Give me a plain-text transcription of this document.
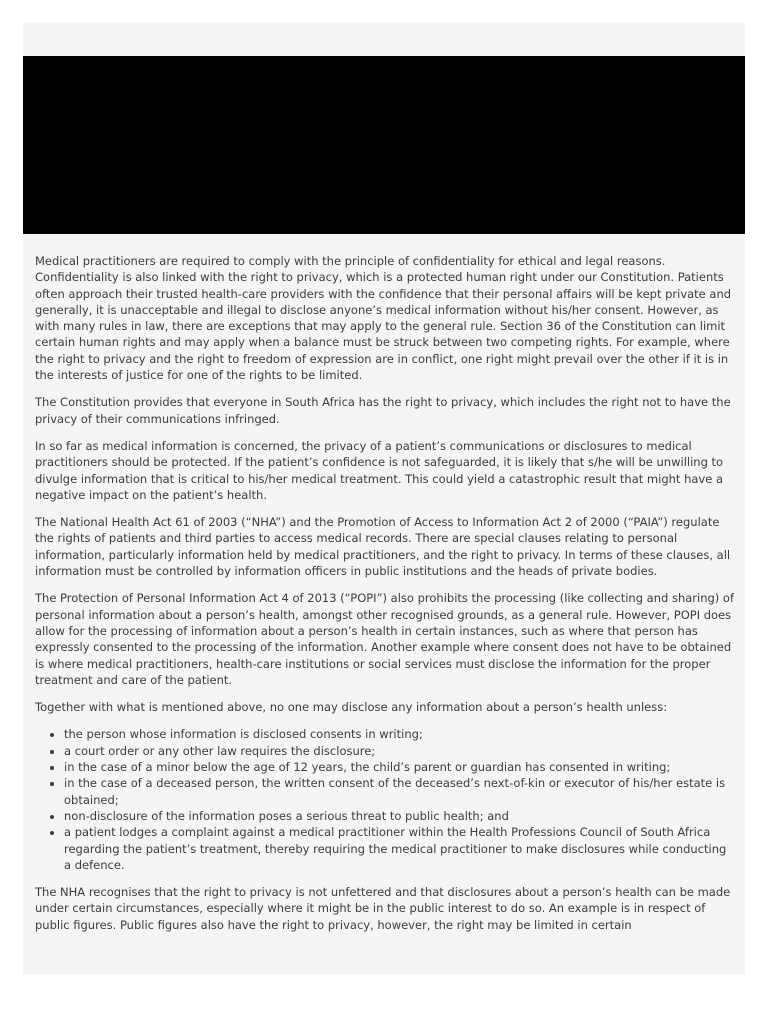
Medical practitioners are required to comply with the principle of confidentiality for ethical and legal reasons. Confidentiality is also linked with the right to privacy, which is a protected human right under our Constitution. Patients often approach their trusted health-care providers with the confidence that their personal affairs will be kept private and generally, it is unacceptable and illegal to disclose anyone’s medical information without his/her consent. However, as with many rules in law, there are exceptions that may apply to the general rule. Section 36 of the Constitution can limit certain human rights and may apply when a balance must be struck between two competing rights. For example, where the right to privacy and the right to freedom of expression are in conflict, one right might prevail over the other if it is in the interests of justice for one of the rights to be limited.

The Constitution provides that everyone in South Africa has the right to privacy, which includes the right not to have the privacy of their communications infringed.

In so far as medical information is concerned, the privacy of a patient’s communications or disclosures to medical practitioners should be protected. If the patient’s confidence is not safeguarded, it is likely that s/he will be unwilling to divulge information that is critical to his/her medical treatment. This could yield a catastrophic result that might have a negative impact on the patient’s health.

The National Health Act 61 of 2003 (“NHA”) and the Promotion of Access to Information Act 2 of 2000 (“PAIA”) regulate the rights of patients and third parties to access medical records. There are special clauses relating to personal information, particularly information held by medical practitioners, and the right to privacy. In terms of these clauses, all information must be controlled by information officers in public institutions and the heads of private bodies.

The Protection of Personal Information Act 4 of 2013 (“POPI”) also prohibits the processing (like collecting and sharing) of personal information about a person’s health, amongst other recognised grounds, as a general rule. However, POPI does allow for the processing of information about a person’s health in certain instances, such as where that person has expressly consented to the processing of the information. Another example where consent does not have to be obtained is where medical practitioners, health-care institutions or social services must disclose the information for the proper treatment and care of the patient.

Together with what is mentioned above, no one may disclose any information about a person’s health unless:

• the person whose information is disclosed consents in writing;
• a court order or any other law requires the disclosure;
• in the case of a minor below the age of 12 years, the child’s parent or guardian has consented in writing;
• in the case of a deceased person, the written consent of the deceased’s next-of-kin or executor of his/her estate is obtained;
• non-disclosure of the information poses a serious threat to public health; and
• a patient lodges a complaint against a medical practitioner within the Health Professions Council of South Africa regarding the patient’s treatment, thereby requiring the medical practitioner to make disclosures while conducting a defence.

The NHA recognises that the right to privacy is not unfettered and that disclosures about a person’s health can be made under certain circumstances, especially where it might be in the public interest to do so. An example is in respect of public figures. Public figures also have the right to privacy, however, the right may be limited in certain
